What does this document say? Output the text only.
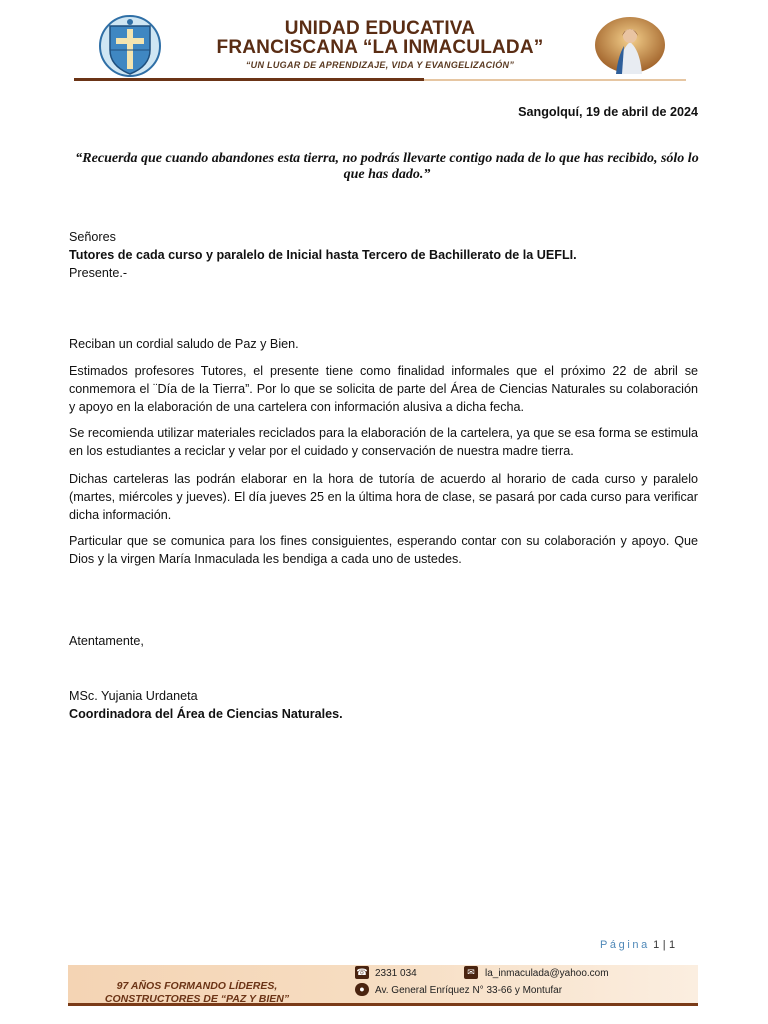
UNIDAD EDUCATIVA
FRANCISCANA “LA INMACULADA”
“UN LUGAR DE APRENDIZAJE, VIDA Y EVANGELIZACIÓN”
Sangolquí, 19 de abril de 2024
“Recuerda que cuando abandones esta tierra, no podrás llevarte contigo nada de lo que has recibido, sólo lo que has dado.”
Señores
Tutores de cada curso y paralelo de Inicial hasta Tercero de Bachillerato de la UEFLI.
Presente.-
Reciban un cordial saludo de Paz y Bien.
Estimados profesores Tutores, el presente tiene como finalidad informales que el próximo 22 de abril se conmemora el ¨Día de la Tierra”. Por lo que se solicita de parte del Área de Ciencias Naturales su colaboración y apoyo en la elaboración de una cartelera con información alusiva a dicha fecha.
Se recomienda utilizar materiales reciclados para la elaboración de la cartelera, ya que se esa forma se estimula en los estudiantes a reciclar y velar por el cuidado y conservación de nuestra madre tierra.
Dichas carteleras las podrán elaborar en la hora de tutoría de acuerdo al horario de cada curso y paralelo (martes, miércoles y jueves). El día jueves 25 en la última hora de clase, se pasará por cada curso para verificar dicha información.
Particular que se comunica para los fines consiguientes, esperando contar con su colaboración y apoyo. Que Dios y la virgen María Inmaculada les bendiga a cada uno de ustedes.
Atentamente,
MSc. Yujania Urdaneta
Coordinadora del Área de Ciencias Naturales.
Página 1 | 1
97 AÑOS FORMANDO LÍDERES,
CONSTRUCTORES DE “PAZ Y BIEN”
☎ 2331 034	✉	la_inmaculada@yahoo.com
●	Av. General Enríquez N° 33-66 y Montufar
